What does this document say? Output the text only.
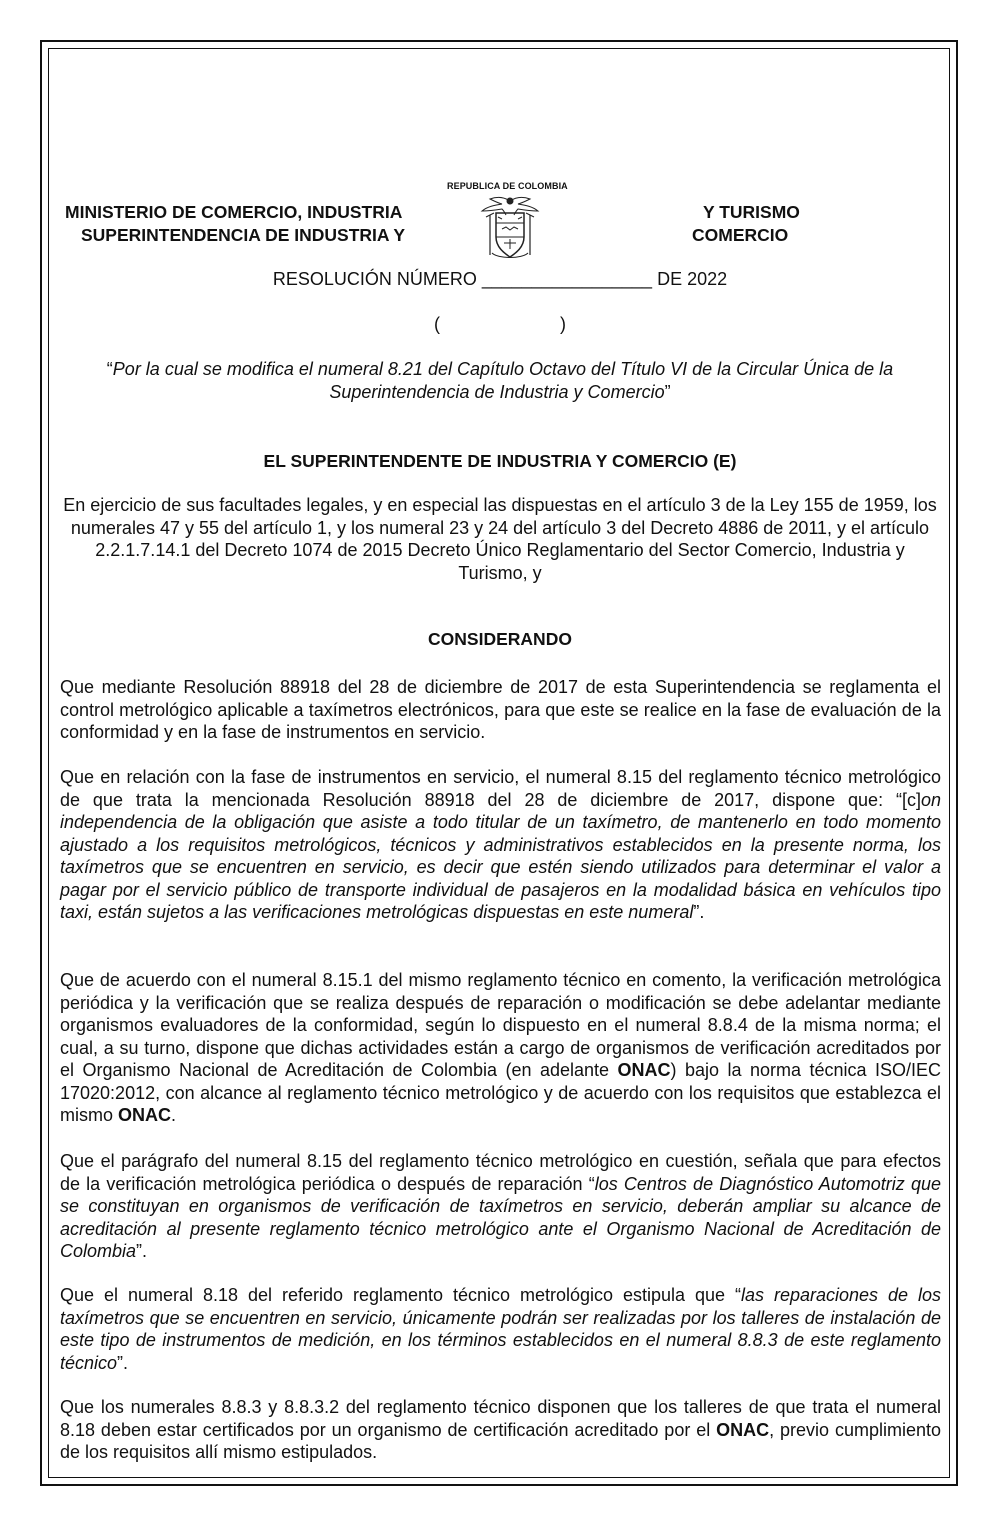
REPUBLICA DE COLOMBIA
MINISTERIO DE COMERCIO, INDUSTRIA	Y TURISMO
SUPERINTENDENCIA DE INDUSTRIA Y	COMERCIO
RESOLUCIÓN NÚMERO _________________ DE 2022
(                        )
“Por la cual se modifica el numeral 8.21 del Capítulo Octavo del Título VI de la Circular Única de la Superintendencia de Industria y Comercio”
EL SUPERINTENDENTE DE INDUSTRIA Y COMERCIO (E)
En ejercicio de sus facultades legales, y en especial las dispuestas en el artículo 3 de la Ley 155 de 1959, los numerales 47 y 55 del artículo 1, y los numeral 23 y 24 del artículo 3 del Decreto 4886 de 2011, y el artículo 2.2.1.7.14.1 del Decreto 1074 de 2015 Decreto Único Reglamentario del Sector Comercio, Industria y Turismo, y
CONSIDERANDO
Que mediante Resolución 88918 del 28 de diciembre de 2017 de esta Superintendencia se reglamenta el control metrológico aplicable a taxímetros electrónicos, para que este se realice en la fase de evaluación de la conformidad y en la fase de instrumentos en servicio.
Que en relación con la fase de instrumentos en servicio, el numeral 8.15 del reglamento técnico metrológico de que trata la mencionada Resolución 88918 del 28 de diciembre de 2017, dispone que: “[c]on independencia de la obligación que asiste a todo titular de un taxímetro, de mantenerlo en todo momento ajustado a los requisitos metrológicos, técnicos y administrativos establecidos en la presente norma, los taxímetros que se encuentren en servicio, es decir que estén siendo utilizados para determinar el valor a pagar por el servicio público de transporte individual de pasajeros en la modalidad básica en vehículos tipo taxi, están sujetos a las verificaciones metrológicas dispuestas en este numeral”.
Que de acuerdo con el numeral 8.15.1 del mismo reglamento técnico en comento, la verificación metrológica periódica y la verificación que se realiza después de reparación o modificación se debe adelantar mediante organismos evaluadores de la conformidad, según lo dispuesto en el numeral 8.8.4 de la misma norma; el cual, a su turno, dispone que dichas actividades están a cargo de organismos de verificación acreditados por el Organismo Nacional de Acreditación de Colombia (en adelante ONAC) bajo la norma técnica ISO/IEC 17020:2012, con alcance al reglamento técnico metrológico y de acuerdo con los requisitos que establezca el mismo ONAC.
Que el parágrafo del numeral 8.15 del reglamento técnico metrológico en cuestión, señala que para efectos de la verificación metrológica periódica o después de reparación “los Centros de Diagnóstico Automotriz que se constituyan en organismos de verificación de taxímetros en servicio, deberán ampliar su alcance de acreditación al presente reglamento técnico metrológico ante el Organismo Nacional de Acreditación de Colombia”.
Que el numeral 8.18 del referido reglamento técnico metrológico estipula que “las reparaciones de los taxímetros que se encuentren en servicio, únicamente podrán ser realizadas por los talleres de instalación de este tipo de instrumentos de medición, en los términos establecidos en el numeral 8.8.3 de este reglamento técnico”.
Que los numerales 8.8.3 y 8.8.3.2 del reglamento técnico disponen que los talleres de que trata el numeral 8.18 deben estar certificados por un organismo de certificación acreditado por el ONAC, previo cumplimiento de los requisitos allí mismo estipulados.
